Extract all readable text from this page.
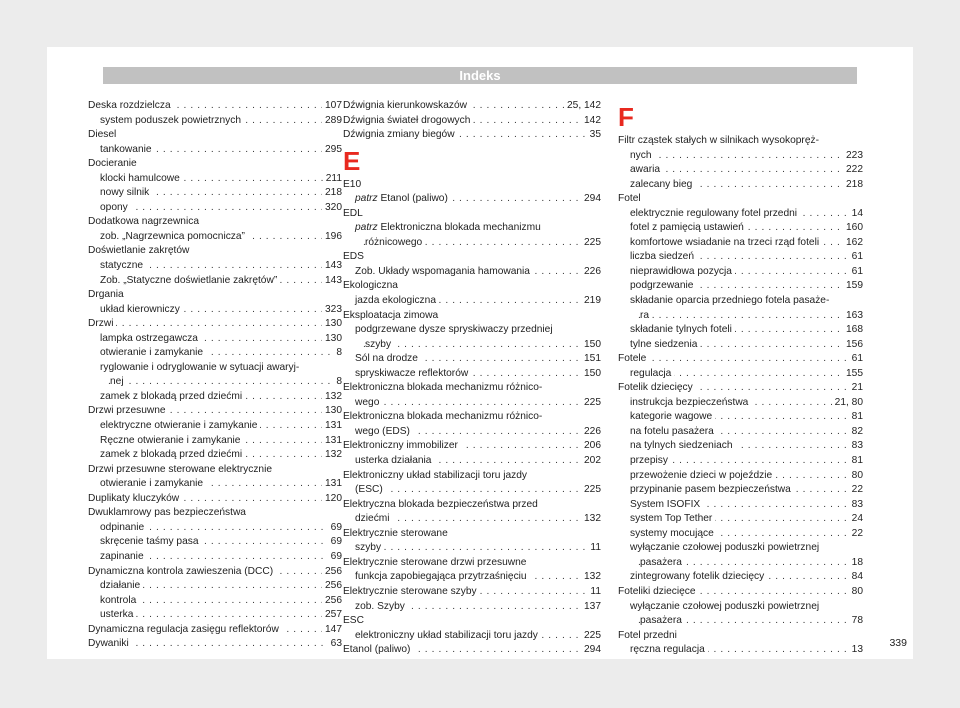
Indeks
. . . Deska rozdzielcza	107
. . . system poduszek powietrznych	289
Diesel
. . . tankowanie	295
Docieranie
. . . klocki hamulcowe	211
. . . nowy silnik	218
. . . opony	320
Dodatkowa nagrzewnica
. . . zob. „Nagrzewnica pomocnicza”	196
Doświetlanie zakrętów
. . . statyczne	143
. . . Zob. „Statyczne doświetlanie zakrętów”	143
Drgania
. . . układ kierowniczy	323
. . . Drzwi	130
. . . lampka ostrzegawcza	130
. . . otwieranie i zamykanie	8
ryglowanie i odryglowanie w sytuacji awaryj-
. . . nej	8
. . . zamek z blokadą przed dziećmi	132
. . . Drzwi przesuwne	130
. . . elektryczne otwieranie i zamykanie	131
. . . Ręczne otwieranie i zamykanie	131
. . . zamek z blokadą przed dziećmi	132
Drzwi przesuwne sterowane elektrycznie
. . . otwieranie i zamykanie	131
. . . Duplikaty kluczyków	120
Dwuklamrowy pas bezpieczeństwa
. . . odpinanie	69
. . . skręcenie taśmy pasa	69
. . . zapinanie	69
. . . Dynamiczna kontrola zawieszenia (DCC)	256
. . . działanie	256
. . . kontrola	256
. . . usterka	257
. . . Dynamiczna regulacja zasięgu reflektorów	147
. . . Dywaniki	63
. . . Dźwignia kierunkowskazów	25, 142
. . . Dźwignia świateł drogowych	142
. . . Dźwignia zmiany biegów	35
E
E10
. . . patrz Etanol (paliwo)	294
EDL
patrz Elektroniczna blokada mechanizmu
. . . różnicowego	225
EDS
. . . Zob. Układy wspomagania hamowania	226
Ekologiczna
. . . jazda ekologiczna	219
Eksploatacja zimowa
podgrzewane dysze spryskiwaczy przedniej
. . . szyby	150
. . . Sól na drodze	151
. . . spryskiwacze reflektorów	150
Elektroniczna blokada mechanizmu różnico-
. . . wego	225
Elektroniczna blokada mechanizmu różnico-
. . . wego (EDS)	226
. . . Elektroniczny immobilizer	206
. . . usterka działania	202
Elektroniczny układ stabilizacji toru jazdy
. . . (ESC)	225
Elektryczna blokada bezpieczeństwa przed
. . . dziećmi	132
Elektrycznie sterowane
. . . szyby	11
Elektrycznie sterowane drzwi przesuwne
. . . funkcja zapobiegająca przytrzaśnięciu	132
. . . Elektrycznie sterowane szyby	11
. . . zob. Szyby	137
ESC
. . . elektroniczny układ stabilizacji toru jazdy	225
. . . Etanol (paliwo)	294
F
Filtr cząstek stałych w silnikach wysokopręż-
. . . nych	223
. . . awaria	222
. . . zalecany bieg	218
Fotel
. . . elektrycznie regulowany fotel przedni	14
. . . fotel z pamięcią ustawień	160
. . . komfortowe wsiadanie na trzeci rząd foteli	162
. . . liczba siedzeń	61
. . . nieprawidłowa pozycja	61
. . . podgrzewanie	159
składanie oparcia przedniego fotela pasaże-
. . . ra	163
. . . składanie tylnych foteli	168
. . . tylne siedzenia	156
. . . Fotele	61
. . . regulacja	155
. . . Fotelik dziecięcy	21
. . . instrukcja bezpieczeństwa	21, 80
. . . kategorie wagowe	81
. . . na fotelu pasażera	82
. . . na tylnych siedzeniach	83
. . . przepisy	81
. . . przewożenie dzieci w pojeździe	80
. . . przypinanie pasem bezpieczeństwa	22
. . . System ISOFIX	83
. . . system Top Tether	24
. . . systemy mocujące	22
wyłączanie czołowej poduszki powietrznej
. . . pasażera	18
. . . zintegrowany fotelik dziecięcy	84
. . . Foteliki dziecięce	80
wyłączanie czołowej poduszki powietrznej
. . . pasażera	78
Fotel przedni
. . . ręczna regulacja	13
339
